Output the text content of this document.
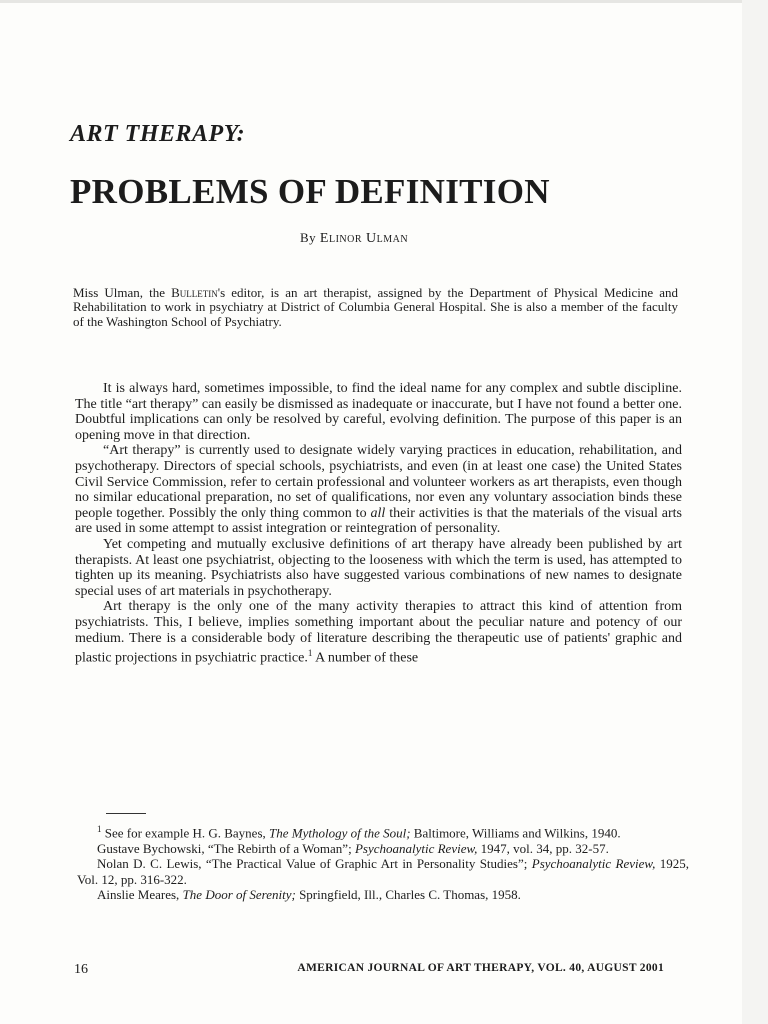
ART THERAPY:
PROBLEMS OF DEFINITION
By Elinor Ulman

Miss Ulman, the Bulletin's editor, is an art therapist, assigned by the Department of Physical Medicine and Rehabilitation to work in psychiatry at District of Columbia General Hospital. She is also a member of the faculty of the Washington School of Psychiatry.

It is always hard, sometimes impossible, to find the ideal name for any complex and subtle discipline. The title “art therapy” can easily be dismissed as inadequate or inaccurate, but I have not found a better one. Doubtful implications can only be resolved by careful, evolving definition. The purpose of this paper is an opening move in that direction.

“Art therapy” is currently used to designate widely varying practices in education, rehabilitation, and psychotherapy. Directors of special schools, psychiatrists, and even (in at least one case) the United States Civil Service Commission, refer to certain professional and volunteer workers as art therapists, even though no similar educational preparation, no set of qualifications, nor even any voluntary association binds these people together. Possibly the only thing common to all their activities is that the materials of the visual arts are used in some attempt to assist integration or reintegration of personality.

Yet competing and mutually exclusive definitions of art therapy have already been published by art therapists. At least one psychiatrist, objecting to the looseness with which the term is used, has attempted to tighten up its meaning. Psychiatrists also have suggested various combinations of new names to designate special uses of art materials in psychotherapy.

Art therapy is the only one of the many activity therapies to attract this kind of attention from psychiatrists. This, I believe, implies something important about the peculiar nature and potency of our medium. There is a considerable body of literature describing the therapeutic use of patients' graphic and plastic projections in psychiatric practice.$^1$ A number of these

$^1$ See for example H. G. Baynes, The Mythology of the Soul; Baltimore, Williams and Wilkins, 1940.

Gustave Bychowski, “The Rebirth of a Woman”; Psychoanalytic Review, 1947, vol. 34, pp. 32-57.

Nolan D. C. Lewis, “The Practical Value of Graphic Art in Personality Studies”; Psychoanalytic Review, 1925, Vol. 12, pp. 316-322.

Ainslie Meares, The Door of Serenity; Springfield, Ill., Charles C. Thomas, 1958.

16	AMERICAN JOURNAL OF ART THERAPY, VOL. 40, AUGUST 2001
